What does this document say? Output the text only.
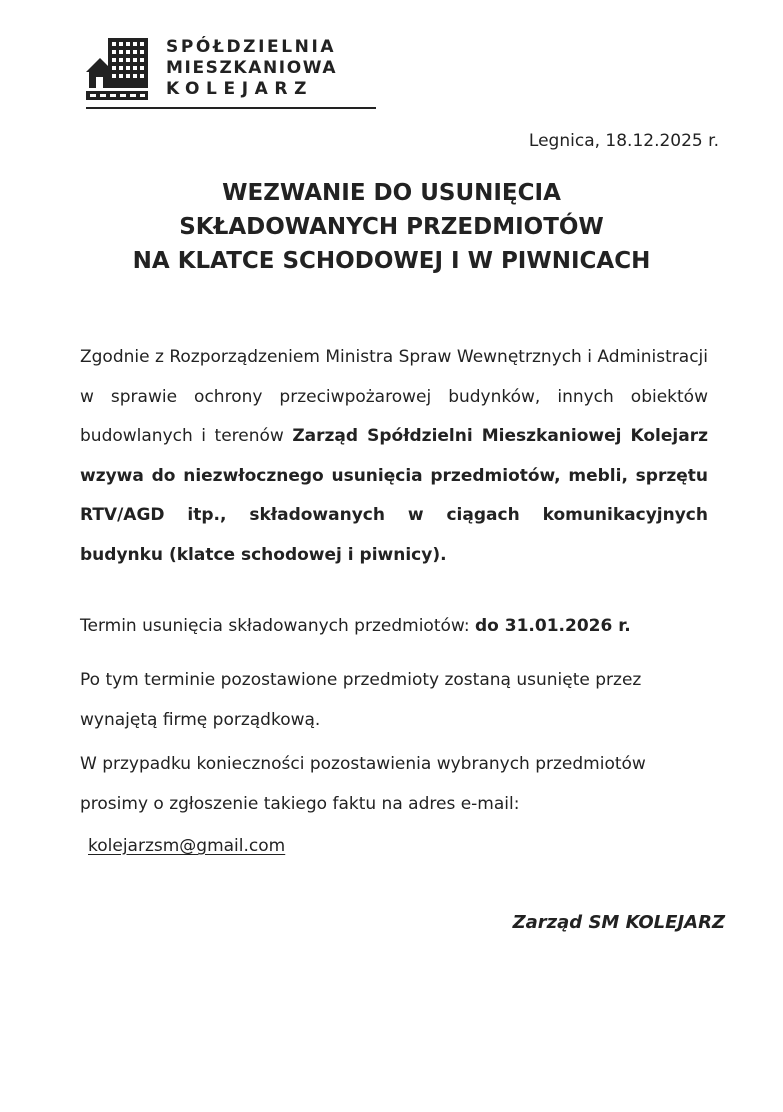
SPÓŁDZIELNIA
MIESZKANIOWA
KOLEJARZ
Legnica, 18.12.2025 r.
WEZWANIE DO USUNIĘCIA
SKŁADOWANYCH PRZEDMIOTÓW
NA KLATCE SCHODOWEJ I W PIWNICACH

Zgodnie z Rozporządzeniem Ministra Spraw Wewnętrznych i Administracji w sprawie ochrony przeciwpożarowej budynków, innych obiektów budowlanych i terenów Zarząd Spółdzielni Mieszkaniowej Kolejarz wzywa do niezwłocznego usunięcia przedmiotów, mebli, sprzętu RTV/AGD itp., składowanych w ciągach komunikacyjnych budynku (klatce schodowej i piwnicy).

Termin usunięcia składowanych przedmiotów: do 31.01.2026 r.

Po tym terminie pozostawione przedmioty zostaną usunięte przez wynajętą firmę porządkową.

W przypadku konieczności pozostawienia wybranych przedmiotów prosimy o zgłoszenie takiego faktu na adres e-mail:

kolejarzsm@gmail.com
Zarząd SM KOLEJARZ
